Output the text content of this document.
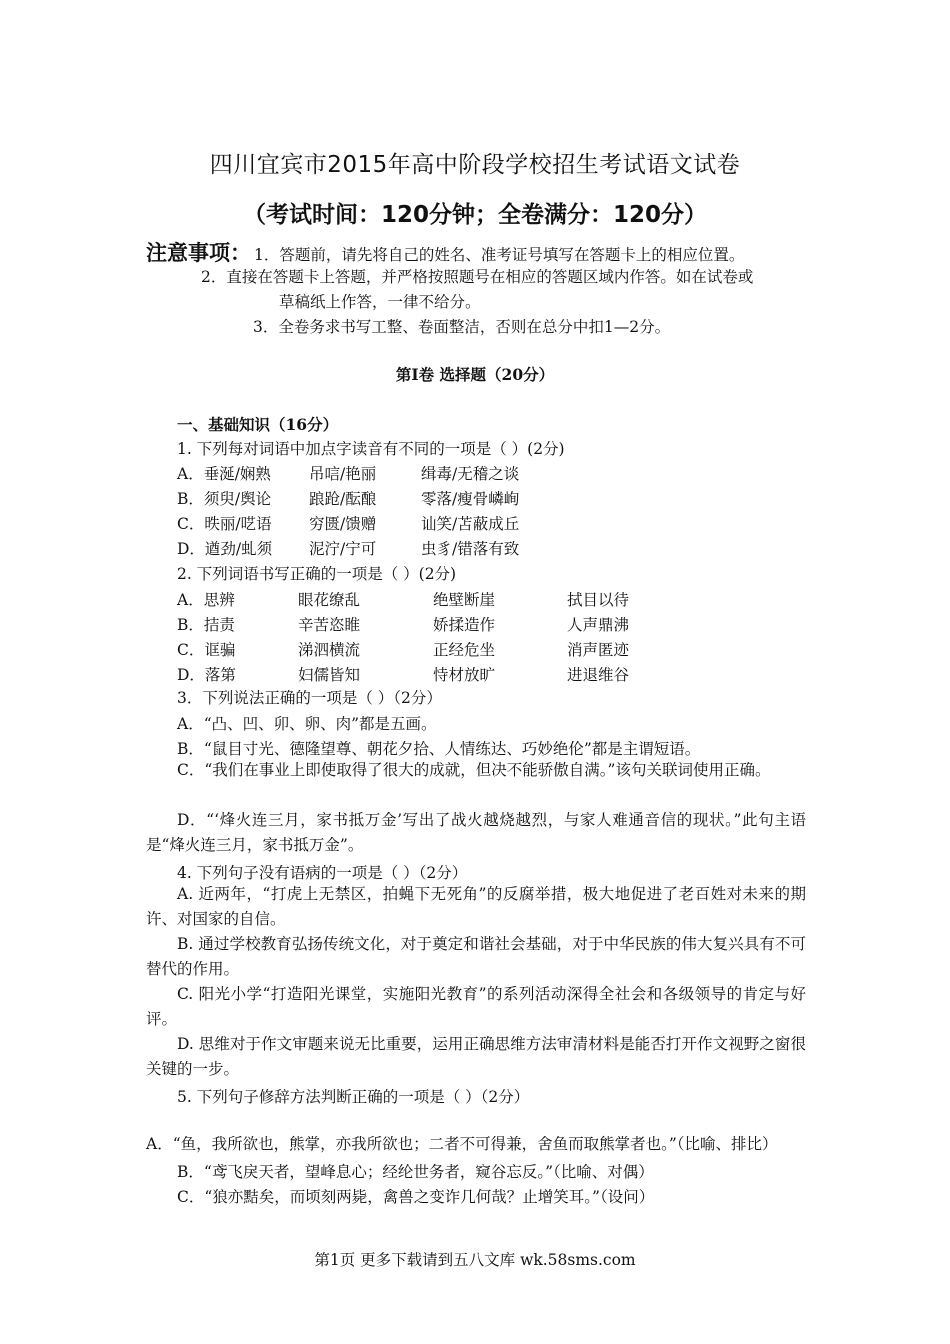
四川宜宾市2015年高中阶段学校招生考试语文试卷
（考试时间：120分钟；全卷满分：120分）
注意事项： 1．答题前，请先将自己的姓名、准考证号填写在答题卡上的相应位置。
2．直接在答题卡上答题，并严格按照题号在相应的答题区域内作答。如在试卷或
草稿纸上作答，一律不给分。
3．全卷务求书写工整、卷面整洁，否则在总分中扣1—2分。
第Ⅰ卷 选择题（20分）
一、基础知识（16分）
1. 下列每对词语中加点字读音有不同的一项是（ ）(2分)
A．垂涎/娴熟 吊唁/艳丽	缉毒/无稽之谈
B．须臾/舆论 踉跄/酝酿	零落/瘦骨嶙峋
C．昳丽/呓语 穷匮/馈赠	讪笑/苫蔽成丘
D．遒劲/虬须 泥泞/宁可	虫豸/错落有致
2. 下列词语书写正确的一项是（ ）(2分)
A．思辨	眼花缭乱	绝壁断崖	拭目以待
B．拮责	辛苦恣睢	娇揉造作	人声鼎沸
C．诓骗	涕泗横流	正经危坐	消声匿迹
D．落第	妇儒皆知	恃材放旷	进退维谷
3．下列说法正确的一项是（ ）（2分）
A．“凸、凹、卯、卵、肉”都是五画。
B．“鼠目寸光、德隆望尊、朝花夕拾、人情练达、巧妙绝伦”都是主谓短语。
C．“我们在事业上即使取得了很大的成就，但决不能骄傲自满。”该句关联词使用正确。
D．“‘烽火连三月，家书抵万金’写出了战火越烧越烈，与家人难通音信的现状。”此句主语是“烽火连三月，家书抵万金”。
4. 下列句子没有语病的一项是（ ）（2分）
A. 近两年，“打虎上无禁区，拍蝇下无死角”的反腐举措，极大地促进了老百姓对未来的期许、对国家的自信。
B. 通过学校教育弘扬传统文化，对于奠定和谐社会基础，对于中华民族的伟大复兴具有不可替代的作用。
C. 阳光小学“打造阳光课堂，实施阳光教育”的系列活动深得全社会和各级领导的肯定与好评。
D. 思维对于作文审题来说无比重要，运用正确思维方法审清材料是能否打开作文视野之窗很关键的一步。
5. 下列句子修辞方法判断正确的一项是（ ）（2分）
A．“鱼，我所欲也，熊掌，亦我所欲也；二者不可得兼，舍鱼而取熊掌者也。”（比喻、排比）
B．“鸢飞戾天者，望峰息心；经纶世务者，窥谷忘反。”（比喻、对偶）
C．“狼亦黠矣，而顷刻两毙，禽兽之变诈几何哉？止增笑耳。”（设问）
第1页 更多下载请到五八文库 wk.58sms.com
